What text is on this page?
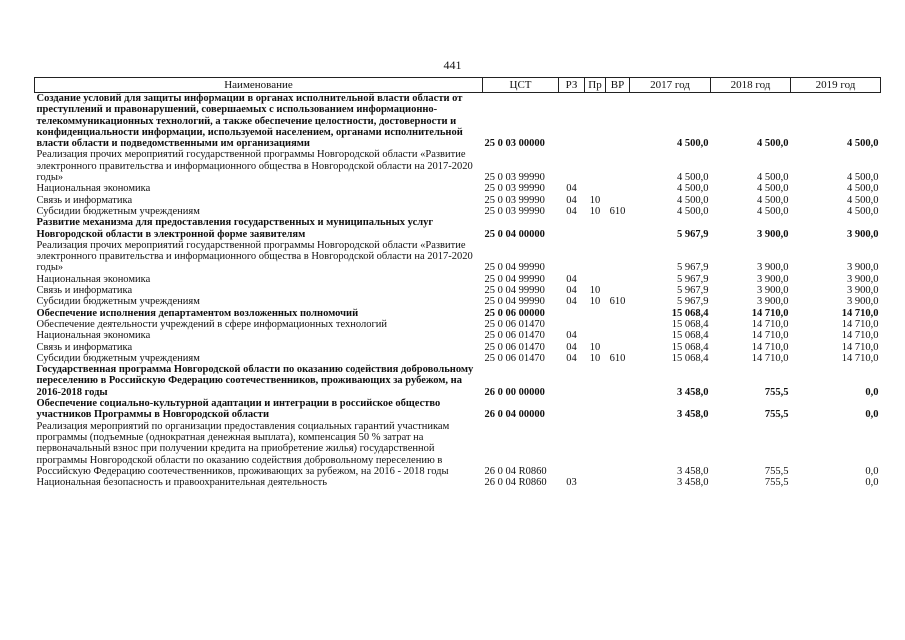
441
Наименование	ЦСТ	РЗ	Пр	ВР	2017 год	2018 год	2019 год
Создание условий для защиты информации в органах исполнительной власти области от преступлений и правонарушений, совершаемых с использованием информационно-телекоммуникационных технологий, а также обеспечение целостности, достоверности и конфиденциальности информации, используемой населением, органами исполнительной власти области и подведомственными им организациями	25 0 03 00000				4 500,0	4 500,0	4 500,0
Реализация прочих мероприятий государственной программы Новгородской области «Развитие электронного правительства и информационного общества в Новгородской области на 2017-2020 годы»	25 0 03 99990				4 500,0	4 500,0	4 500,0
Национальная экономика	25 0 03 99990	04			4 500,0	4 500,0	4 500,0
Связь и информатика	25 0 03 99990	04	10		4 500,0	4 500,0	4 500,0
Субсидии бюджетным учреждениям	25 0 03 99990	04	10	610	4 500,0	4 500,0	4 500,0
Развитие механизма для предоставления государственных и муниципальных услуг Новгородской области в электронной форме заявителям	25 0 04 00000				5 967,9	3 900,0	3 900,0
Реализация прочих мероприятий государственной программы Новгородской области «Развитие электронного правительства и информационного общества в Новгородской области на 2017-2020 годы»	25 0 04 99990				5 967,9	3 900,0	3 900,0
Национальная экономика	25 0 04 99990	04			5 967,9	3 900,0	3 900,0
Связь и информатика	25 0 04 99990	04	10		5 967,9	3 900,0	3 900,0
Субсидии бюджетным учреждениям	25 0 04 99990	04	10	610	5 967,9	3 900,0	3 900,0
Обеспечение исполнения департаментом возложенных полномочий	25 0 06 00000				15 068,4	14 710,0	14 710,0
Обеспечение деятельности учреждений в сфере информационных технологий	25 0 06 01470				15 068,4	14 710,0	14 710,0
Национальная экономика	25 0 06 01470	04			15 068,4	14 710,0	14 710,0
Связь и информатика	25 0 06 01470	04	10		15 068,4	14 710,0	14 710,0
Субсидии бюджетным учреждениям	25 0 06 01470	04	10	610	15 068,4	14 710,0	14 710,0
Государственная программа Новгородской области по оказанию содействия добровольному переселению в Российскую Федерацию соотечественников, проживающих за рубежом, на 2016-2018 годы	26 0 00 00000				3 458,0	755,5	0,0
Обеспечение социально-культурной адаптации и интеграции в российское общество участников Программы в Новгородской области	26 0 04 00000				3 458,0	755,5	0,0
Реализация мероприятий по организации предоставления социальных гарантий участникам программы (подъемные (однократная денежная выплата), компенсация 50 % затрат на первоначальный взнос при получении кредита на приобретение жилья) государственной программы Новгородской области по оказанию содействия добровольному переселению в Российскую Федерацию соотечественников, проживающих за рубежом, на 2016 - 2018 годы	26 0 04 R0860				3 458,0	755,5	0,0
Национальная безопасность и правоохранительная деятельность	26 0 04 R0860	03			3 458,0	755,5	0,0
